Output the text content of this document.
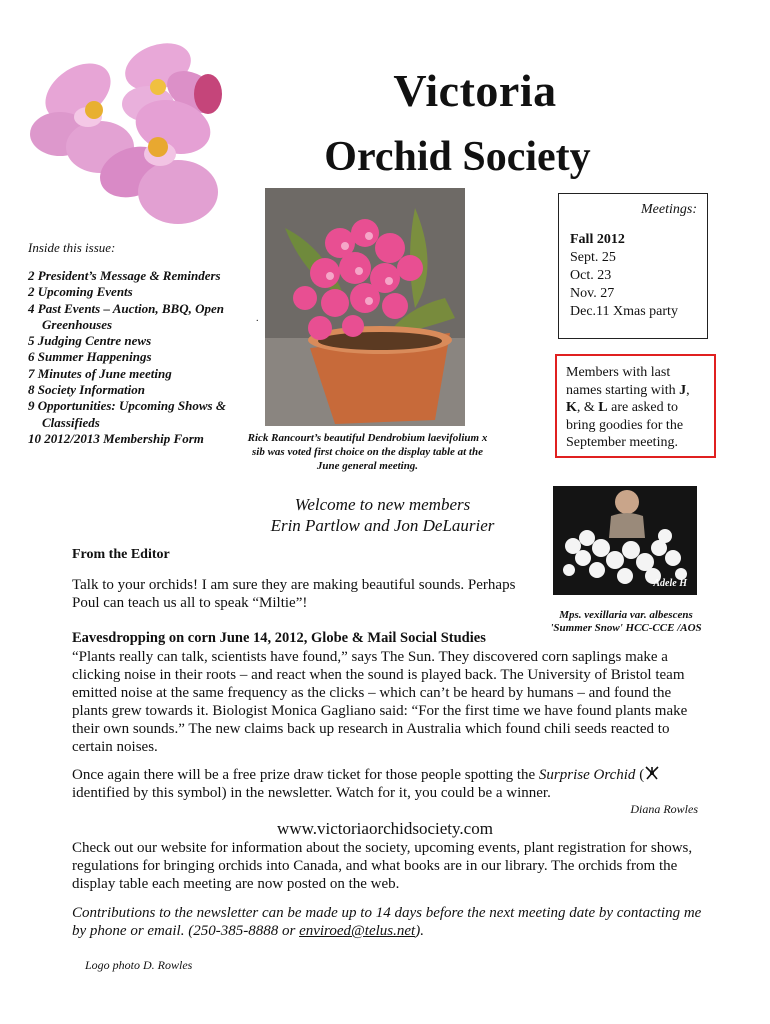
Victoria
Orchid Society
Inside this issue:
2 President’s Message & Reminders
2 Upcoming Events
4 Past Events – Auction, BBQ, Open Greenhouses
5 Judging Centre news
6 Summer Happenings
7 Minutes of June meeting
8 Society Information
9 Opportunities: Upcoming Shows & Classifieds
10 2012/2013 Membership Form
.
Rick Rancourt’s beautiful Dendrobium laevifolium x sib was voted first choice on the display table at the June general meeting.
Meetings:
Fall 2012
Sept. 25
Oct. 23
Nov. 27
Dec.11 Xmas party
Members with last names starting with J, K, & L are asked to bring goodies for the September meeting.
Welcome to new members
Erin Partlow and Jon DeLaurier
Adele H
Mps. vexillaria var. albescens
'Summer Snow' HCC-CCE /AOS
From the Editor
Talk to your orchids! I am sure they are making beautiful sounds. Perhaps Poul can teach us all to speak “Miltie”!
Eavesdropping on corn June 14, 2012, Globe & Mail Social Studies
“Plants really can talk, scientists have found,” says The Sun. They discovered corn saplings make a clicking noise in their roots – and react when the sound is played back. The University of Bristol team emitted noise at the same frequency as the clicks – which can’t be heard by humans – and found the plants grew towards it. Biologist Monica Gagliano said: “For the first time we have found plants make their own sounds.” The new claims back up research in Australia which found chili seeds reacted to certain noises.
Once again there will be a free prize draw ticket for those people spotting the Surprise Orchid ( identified by this symbol) in the newsletter. Watch for it, you could be a winner.
Diana Rowles
www.victoriaorchidsociety.com
Check out our website for information about the society, upcoming events, plant registration for shows, regulations for bringing orchids into Canada, and what books are in our library. The orchids from the display table each meeting are now posted on the web.
Contributions to the newsletter can be made up to 14 days before the next meeting date by contacting me by phone or email. (250-385-8888 or enviroed@telus.net).
Logo photo D. Rowles
